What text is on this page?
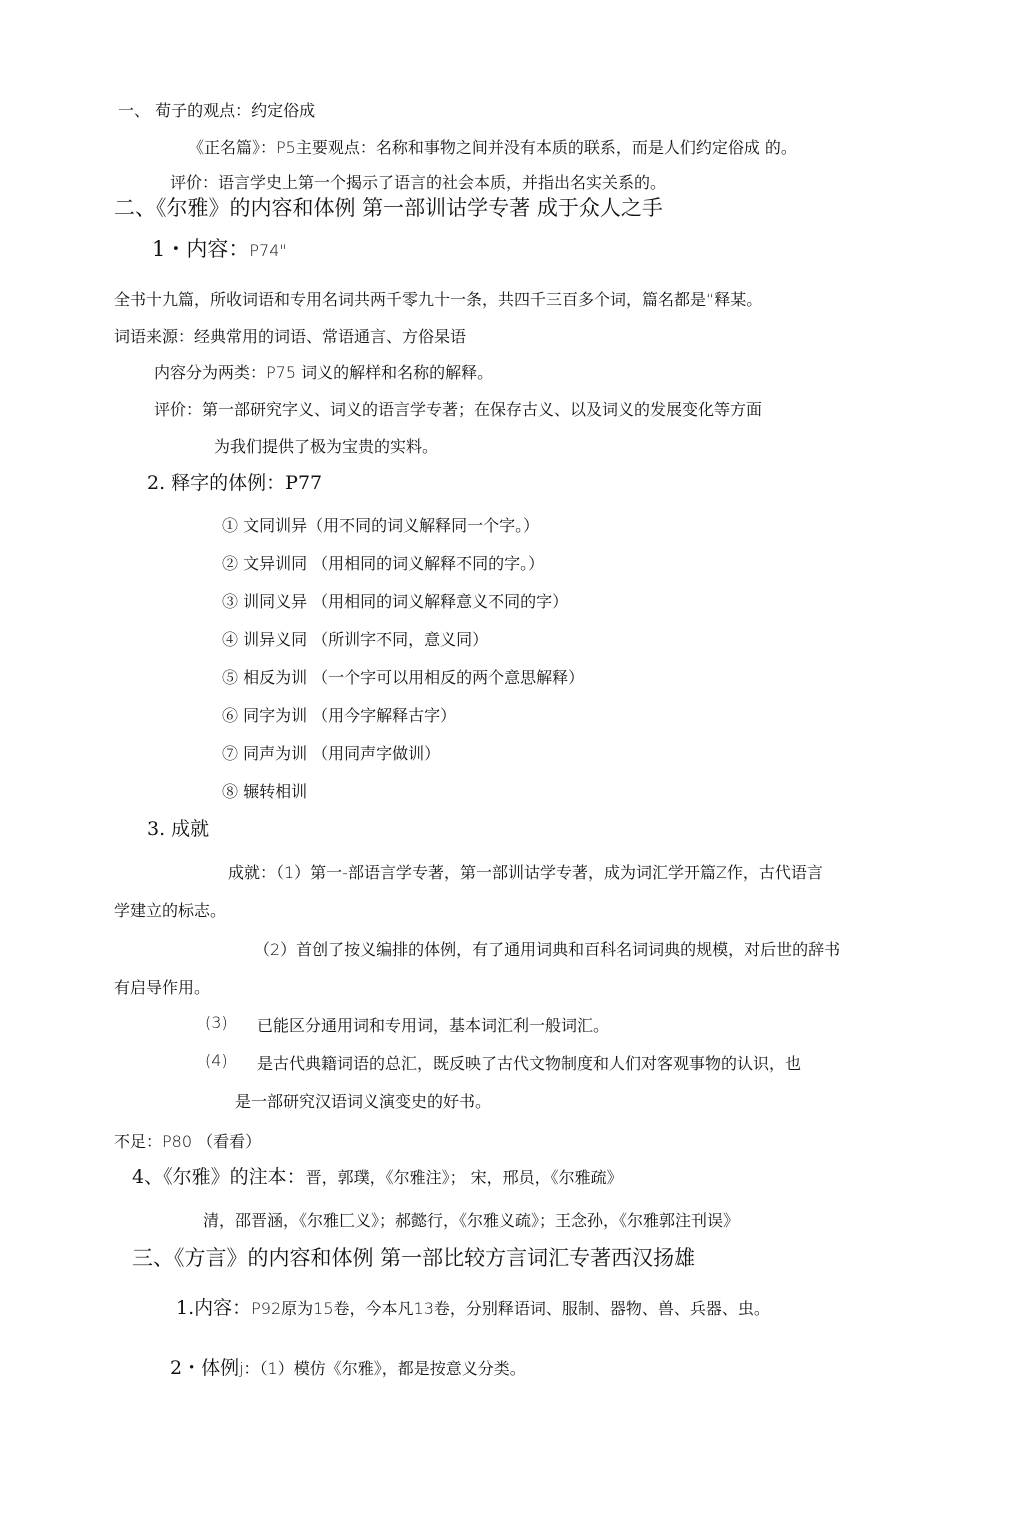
一、 荀子的观点：约定俗成
《正名篇》：P5主要观点：名称和事物之间并没有本质的联系，而是人们约定俗成 的。
评价：语言学史上第一个揭示了语言的社会本质，并指出名实关系的。
二、《尔雅》的内容和体例 第一部训诂学专著 成于众人之手
1・内容：P74"
全书十九篇，所收词语和专用名词共两千零九十一条，共四千三百多个词，篇名都是“释某。
词语来源：经典常用的词语、常语通言、方俗杲语
内容分为两类：P75 词义的解样和名称的解释。
评价：第一部研究字义、词义的语言学专著；在保存古义、以及词义的发展变化等方面
为我们提供了极为宝贵的实料。
2. 释字的体例：P77
① 文同训异（用不同的词义解释同一个字。）
② 文异训同 （用相同的词义解释不同的字。）
③ 训同义异 （用相同的词义解释意义不同的字）
④ 训异义同 （所训字不同，意义同）
⑤ 相反为训 （一个字可以用相反的两个意思解释）
⑥ 同字为训 （用今字解释古字）
⑦ 同声为训 （用同声字做训）
⑧ 辗转相训
3. 成就
成就：（1）第一-部语言学专著，第一部训诂学专著，成为词汇学开篇Z作，古代语言
学建立的标志。
（2）首创了按义编排的体例，有了通用词典和百科名词词典的规模，对后世的辞书
有启导作用。
(3) 已能区分通用词和专用词，基本词汇利一般词汇。
(4) 是古代典籍词语的总汇，既反映了古代文物制度和人们对客观事物的认识，也
是一部研究汉语词义演变史的好书。
不足：P80 （看看）
4、《尔雅》的注本：晋，郭璞，《尔雅注》； 宋，邢员，《尔雅疏》
清，邵晋涵，《尔雅匚义》；郝懿行，《尔雅义疏》；王念孙，《尔雅郭注刊误》
三、《方言》的内容和体例 第一部比较方言词汇专著西汉扬雄
1.内容：P92原为15卷，今本凡13卷，分别释语词、服制、器物、兽、兵器、虫。
2・体例j：（1）模仿《尔雅》，都是按意义分类。
